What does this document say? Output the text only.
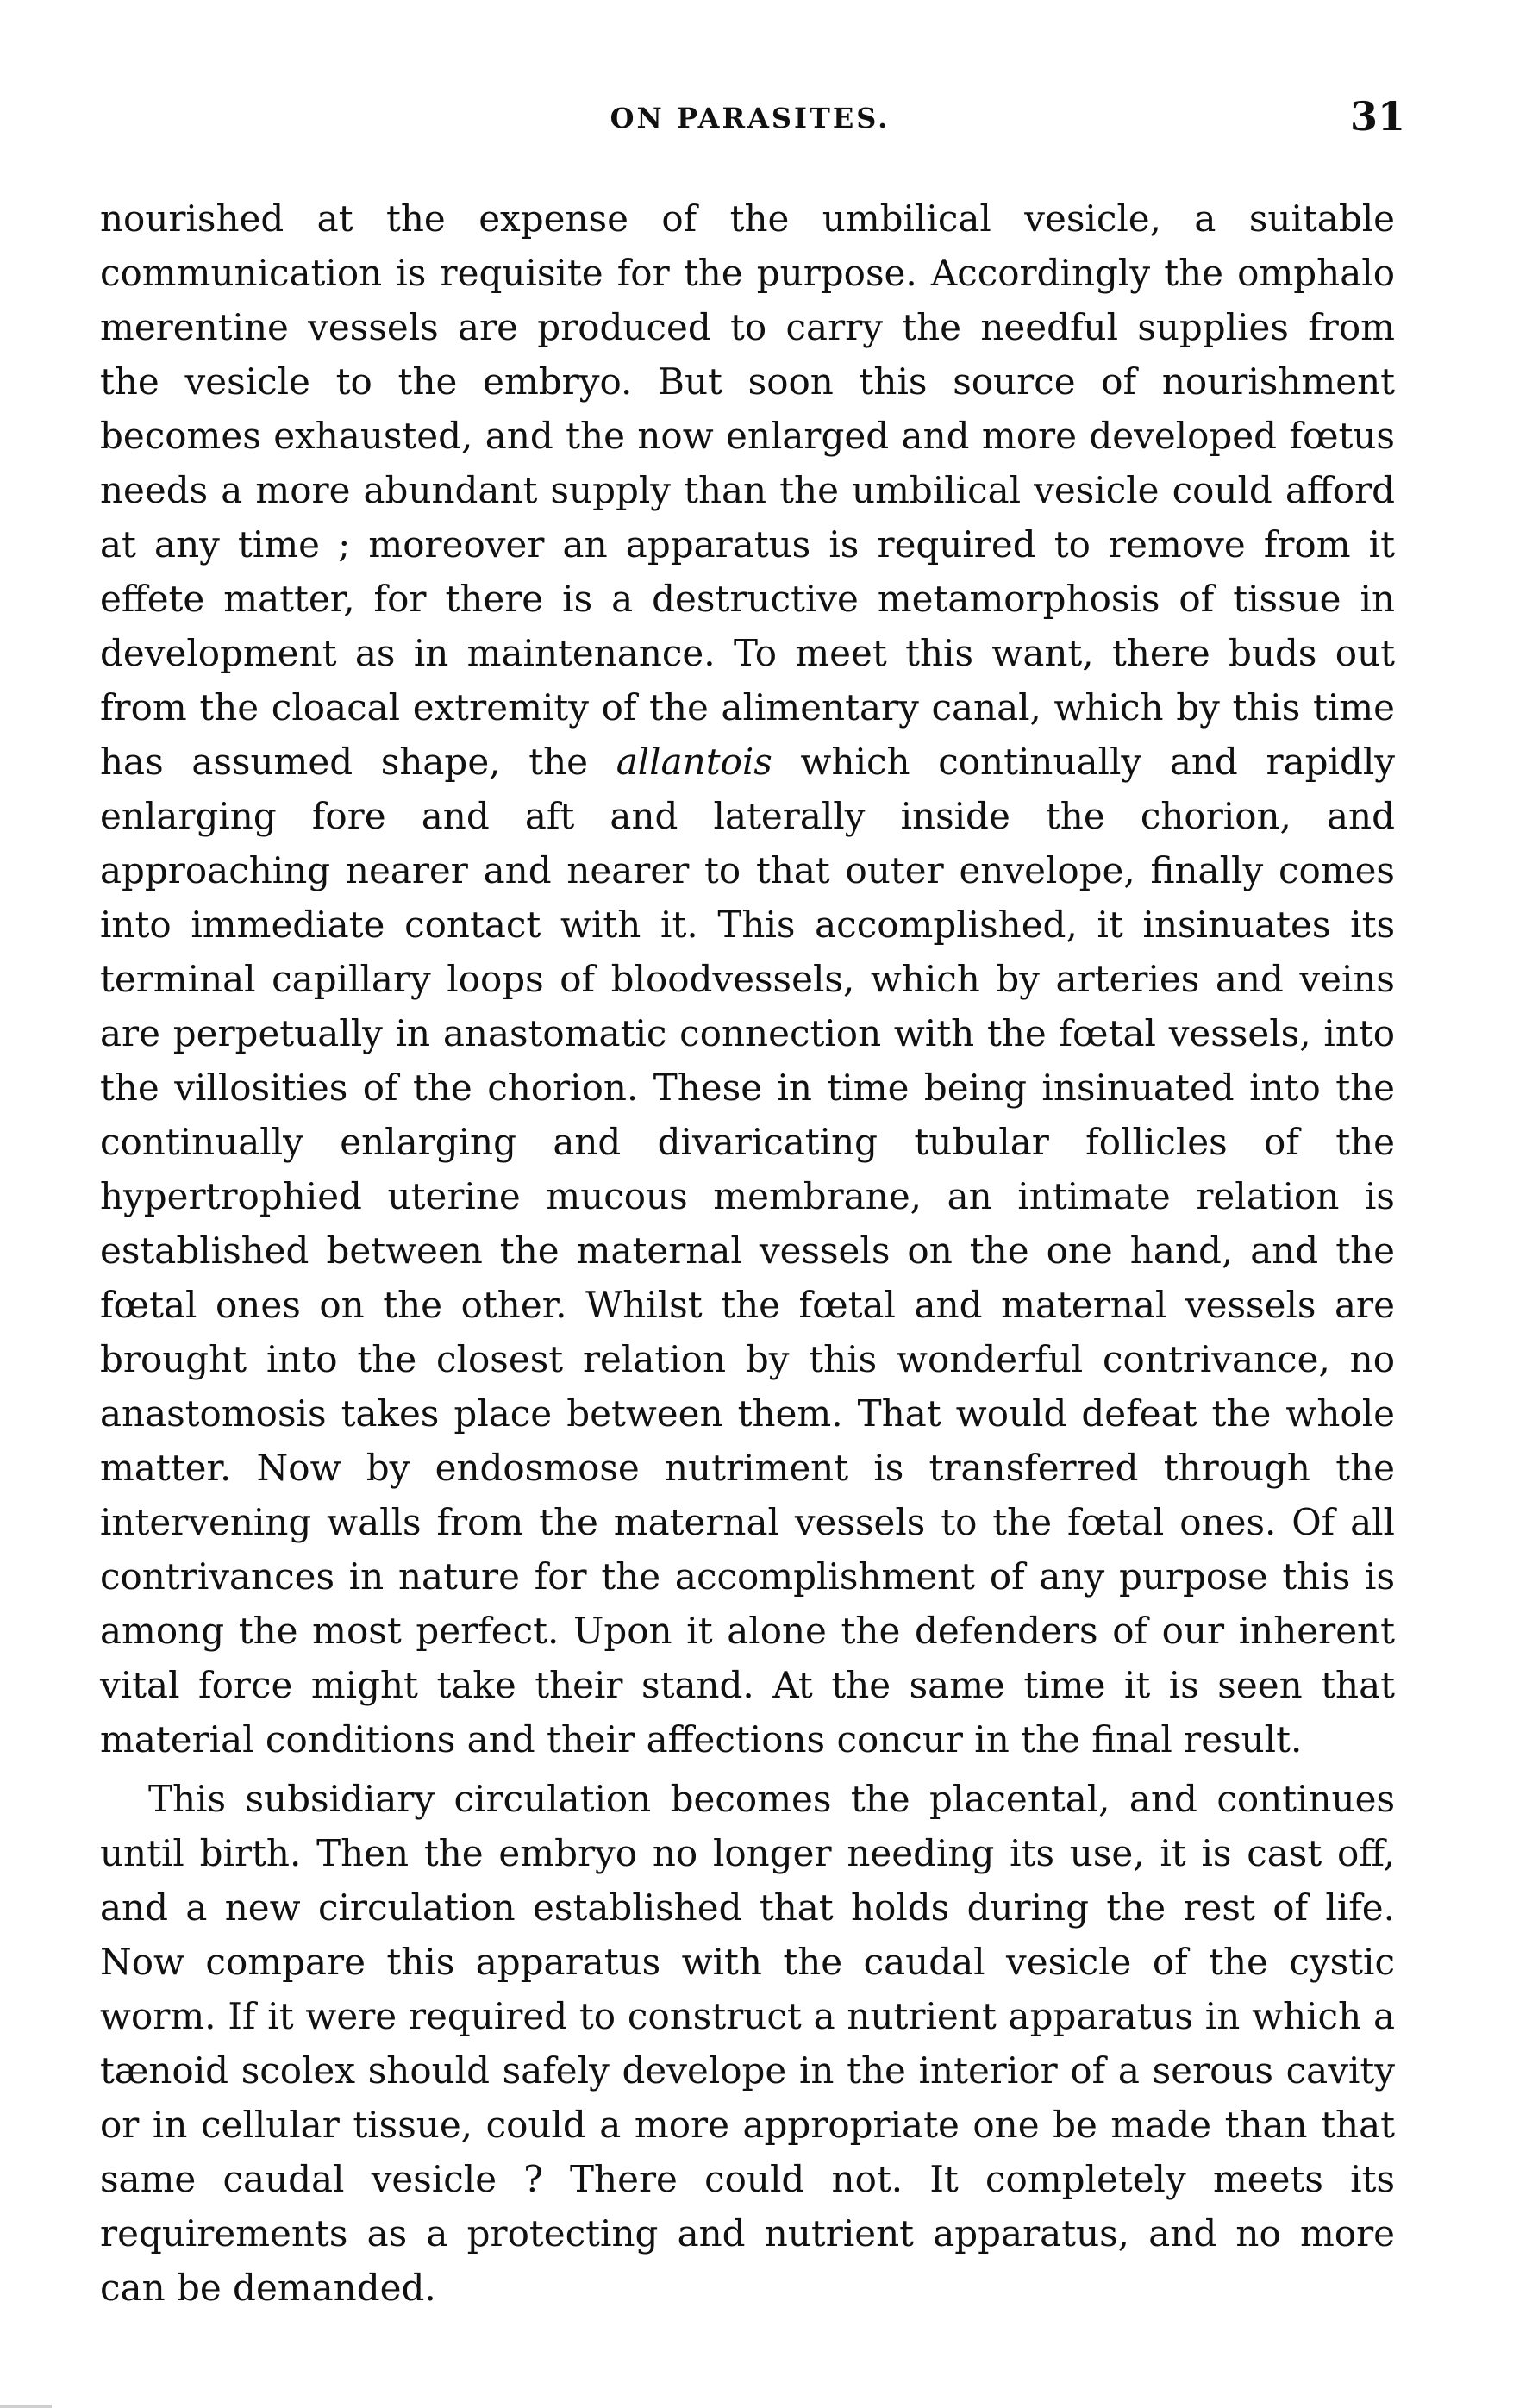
ON PARASITES.	31

nourished at the expense of the umbilical vesicle, a suitable communication is requisite for the purpose. Accordingly the omphalo merentine vessels are produced to carry the needful supplies from the vesicle to the embryo. But soon this source of nourishment becomes exhausted, and the now enlarged and more developed fœtus needs a more abundant supply than the umbilical vesicle could afford at any time ; moreover an apparatus is required to remove from it effete matter, for there is a destructive metamorphosis of tissue in development as in maintenance. To meet this want, there buds out from the cloacal extremity of the alimentary canal, which by this time has assumed shape, the allantois which continually and rapidly enlarging fore and aft and laterally inside the chorion, and approaching nearer and nearer to that outer envelope, finally comes into immediate contact with it. This accomplished, it insinuates its terminal capillary loops of bloodvessels, which by arteries and veins are perpetually in anastomatic connection with the fœtal vessels, into the villosities of the chorion. These in time being insinuated into the continually enlarging and divaricating tubular follicles of the hypertrophied uterine mucous membrane, an intimate relation is established between the maternal vessels on the one hand, and the fœtal ones on the other. Whilst the fœtal and maternal vessels are brought into the closest relation by this wonderful contrivance, no anastomosis takes place between them. That would defeat the whole matter. Now by endosmose nutriment is transferred through the intervening walls from the maternal vessels to the fœtal ones. Of all contrivances in nature for the accomplishment of any purpose this is among the most perfect. Upon it alone the defenders of our inherent vital force might take their stand. At the same time it is seen that material conditions and their affections concur in the final result.

This subsidiary circulation becomes the placental, and continues until birth. Then the embryo no longer needing its use, it is cast off, and a new circulation established that holds during the rest of life. Now compare this apparatus with the caudal vesicle of the cystic worm. If it were required to construct a nutrient apparatus in which a tænoid scolex should safely develope in the interior of a serous cavity or in cellular tissue, could a more appropriate one be made than that same caudal vesicle ? There could not. It completely meets its requirements as a protecting and nutrient apparatus, and no more can be demanded.
